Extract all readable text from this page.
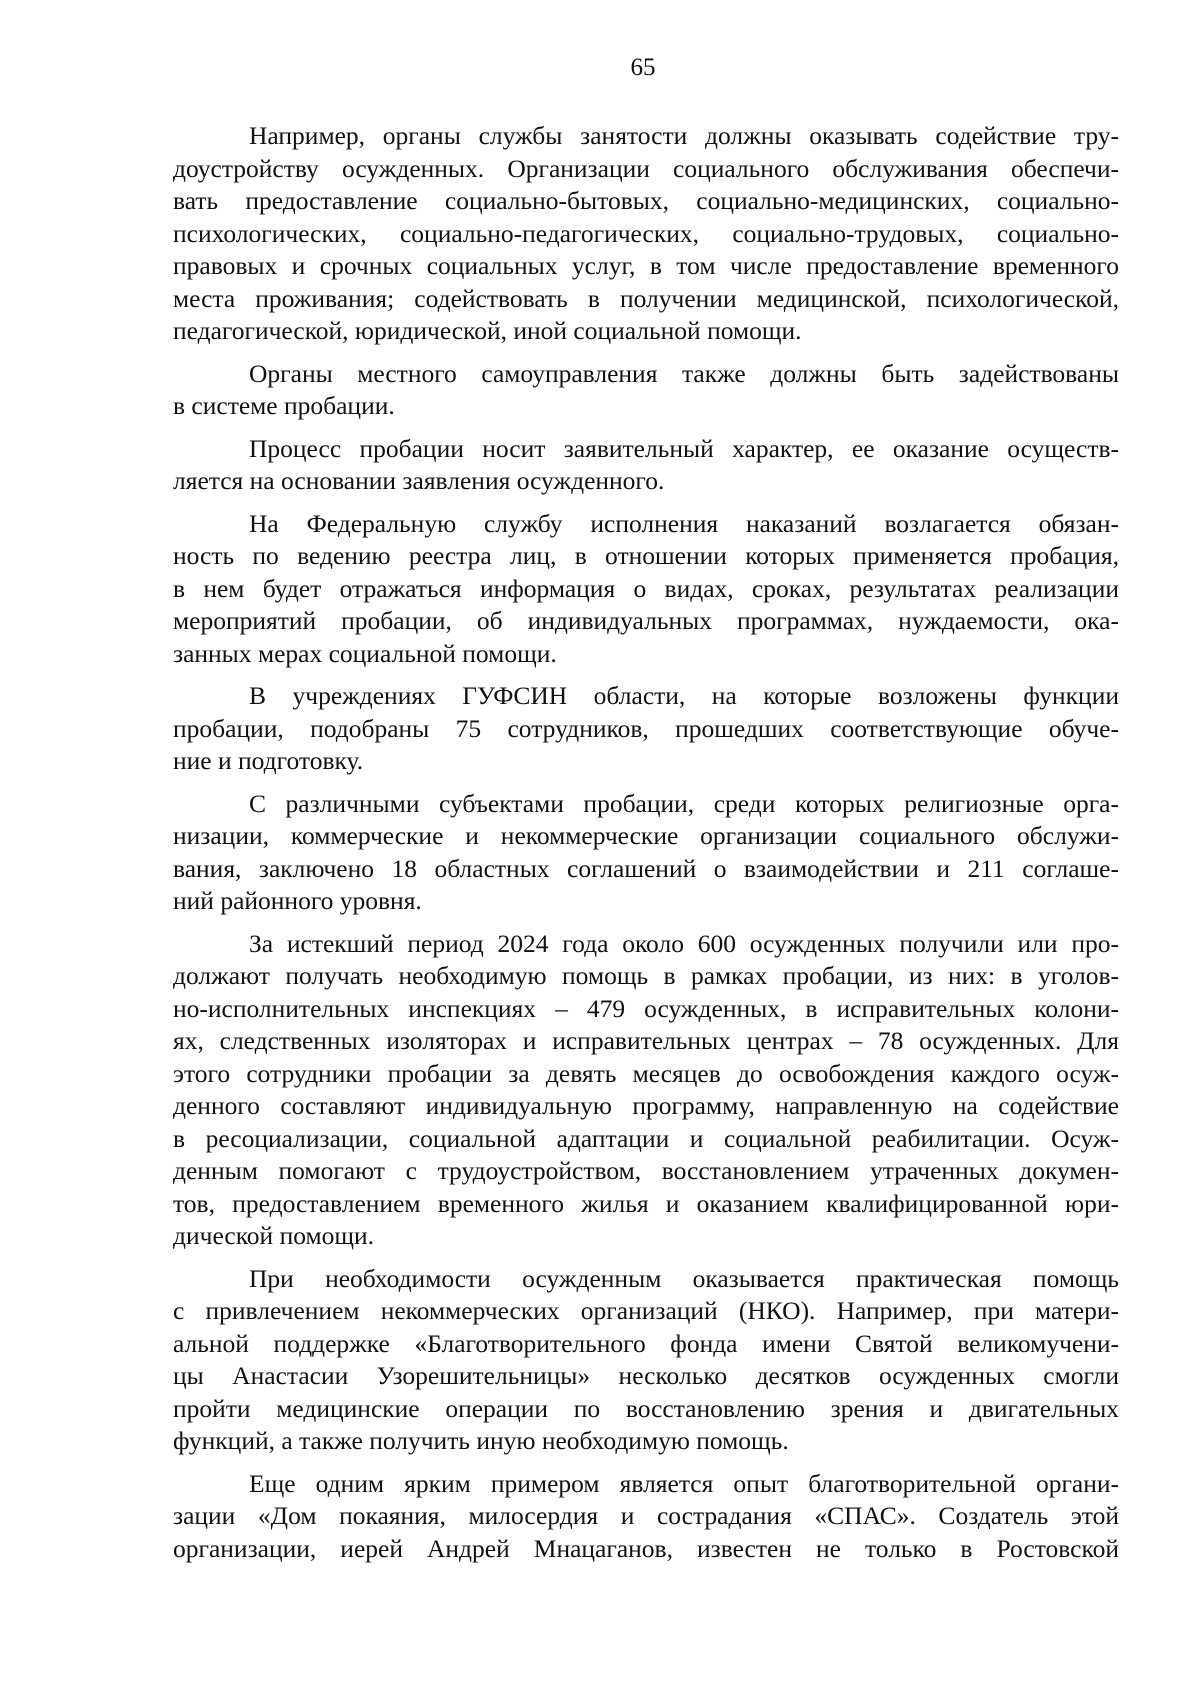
65
Например, органы службы занятости должны оказывать содействие тру-
доустройству осужденных. Организации социального обслуживания обеспечи-
вать предоставление социально-бытовых, социально-медицинских, социально-
психологических, социально-педагогических, социально-трудовых, социально-
правовых и срочных социальных услуг, в том числе предоставление временного
места проживания; содействовать в получении медицинской, психологической,
педагогической, юридической, иной социальной помощи.
Органы местного самоуправления также должны быть задействованы
в системе пробации.
Процесс пробации носит заявительный характер, ее оказание осуществ-
ляется на основании заявления осужденного.
На Федеральную службу исполнения наказаний возлагается обязан-
ность по ведению реестра лиц, в отношении которых применяется пробация,
в нем будет отражаться информация о видах, сроках, результатах реализации
мероприятий пробации, об индивидуальных программах, нуждаемости, ока-
занных мерах социальной помощи.
В учреждениях ГУФСИН области, на которые возложены функции
пробации, подобраны 75 сотрудников, прошедших соответствующие обуче-
ние и подготовку.
С различными субъектами пробации, среди которых религиозные орга-
низации, коммерческие и некоммерческие организации социального обслужи-
вания, заключено 18 областных соглашений о взаимодействии и 211 соглаше-
ний районного уровня.
За истекший период 2024 года около 600 осужденных получили или про-
должают получать необходимую помощь в рамках пробации, из них: в уголов-
но-исполнительных инспекциях – 479 осужденных, в исправительных колони-
ях, следственных изоляторах и исправительных центрах – 78 осужденных. Для
этого сотрудники пробации за девять месяцев до освобождения каждого осуж-
денного составляют индивидуальную программу, направленную на содействие
в ресоциализации, социальной адаптации и социальной реабилитации. Осуж-
денным помогают с трудоустройством, восстановлением утраченных докумен-
тов, предоставлением временного жилья и оказанием квалифицированной юри-
дической помощи.
При необходимости осужденным оказывается практическая помощь
с привлечением некоммерческих организаций (НКО). Например, при матери-
альной поддержке «Благотворительного фонда имени Святой великомучени-
цы Анастасии Узорешительницы» несколько десятков осужденных смогли
пройти медицинские операции по восстановлению зрения и двигательных
функций, а также получить иную необходимую помощь.
Еще одним ярким примером является опыт благотворительной органи-
зации «Дом покаяния, милосердия и сострадания «СПАС». Создатель этой
организации, иерей Андрей Мнацаганов, известен не только в Ростовской
